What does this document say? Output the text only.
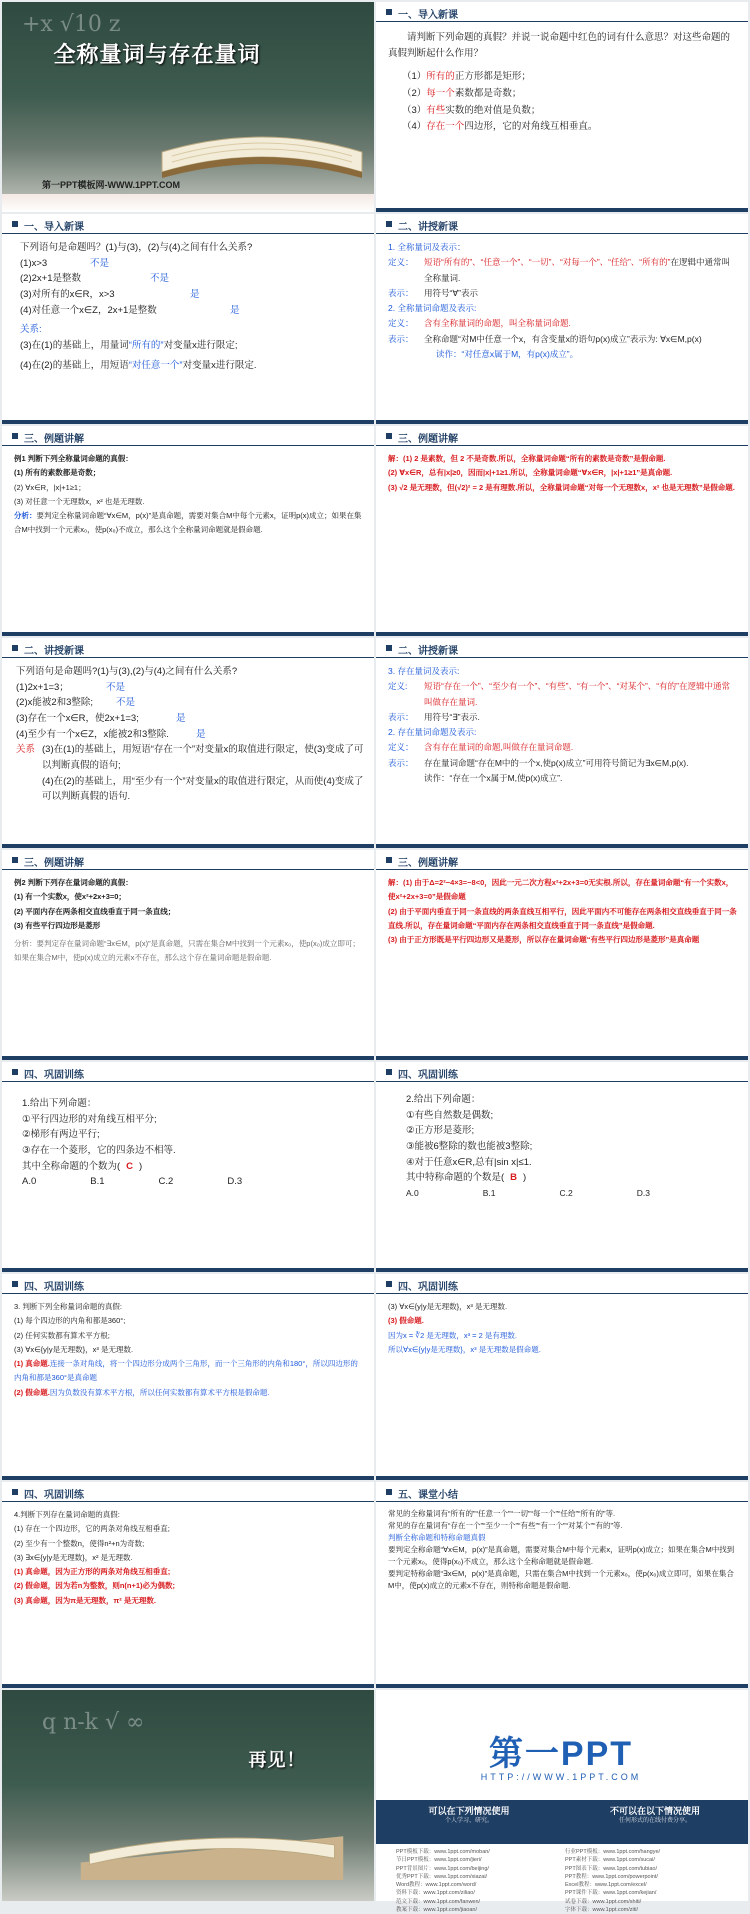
+x √10 z
全称量词与存在量词
第一PPT模板网-WWW.1PPT.COM
一、导入新课
请判断下列命题的真假？并说一说命题中红色的词有什么意思？对这些命题的真假判断起什么作用？
（1）所有的正方形都是矩形；
（2）每一个素数都是奇数；
（3）有些实数的绝对值是负数；
（4）存在一个四边形，它的对角线互相垂直。
一、导入新课
下列语句是命题吗？(1)与(3)，(2)与(4)之间有什么关系?
(1)x>3	不是
(2)2x+1是整数	不是
(3)对所有的x∈R，x>3	是
(4)对任意一个x∈Z，2x+1是整数	是
关系:
(3)在(1)的基础上，用量词“所有的”对变量x进行限定;
(4)在(2)的基础上，用短语“对任意一个”对变量x进行限定.
二、讲授新课
1. 全称量词及表示：
定义：	短语“所有的”、“任意一个”、“一切”、“对每一个”、“任给”、“所有的”在逻辑中通常叫全称量词.
表示：	用符号“∀”表示
2. 全称量词命题及表示:
定义：	含有全称量词的命题，叫全称量词命题.
表示：	全称命题“对M中任意一个x，有含变量x的语句p(x)成立”表示为: ∀x∈M,p(x)
读作：“对任意x属于M，有p(x)成立”。
三、例题讲解
例1 判断下列全称量词命题的真假：
(1) 所有的素数都是奇数；
(2) ∀x∈R，|x|+1≥1；
(3) 对任意一个无理数x，x² 也是无理数.
分析：要判定全称量词命题“∀x∈M，p(x)”是真命题，需要对集合M中每个元素x，证明p(x)成立；如果在集合M中找到一个元素x₀，使p(x₀)不成立，那么这个全称量词命题就是假命题.
三、例题讲解
解：(1) 2 是素数，但 2 不是奇数.所以，全称量词命题“所有的素数是奇数”是假命题.
(2) ∀x∈R，总有|x|≥0，因而|x|+1≥1.所以，全称量词命题“∀x∈R，|x|+1≥1”是真命题.
(3) √2 是无理数，但(√2)² = 2 是有理数.所以，全称量词命题“对每一个无理数x，x² 也是无理数”是假命题.
二、讲授新课
下列语句是命题吗?(1)与(3),(2)与(4)之间有什么关系?
(1)2x+1=3；	不是
(2)x能被2和3整除; 不是
(3)存在一个x∈R，使2x+1=3;	是
(4)至少有一个x∈Z，x能被2和3整除.	是
关系 (3)在(1)的基础上，用短语“存在一个”对变量x的取值进行限定，使(3)变成了可以判断真假的语句;
(4)在(2)的基础上，用“至少有一个”对变量x的取值进行限定，从而使(4)变成了可以判断真假的语句.
二、讲授新课
3. 存在量词及表示:
定义:	短语“存在一个”、“至少有一个”、“有些”、“有一个”、“对某个”、“有的”在逻辑中通常叫做存在量词.
表示：	用符号“∃”表示.
2. 存在量词命题及表示:
定义：	含有存在量词的命题,叫做存在量词命题.
表示：	存在量词命题“存在M中的一个x,使p(x)成立”可用符号简记为∃x∈M,p(x).
读作：“存在一个x属于M,使p(x)成立”.
三、例题讲解
例2 判断下列存在量词命题的真假：
(1) 有一个实数x，使x²+2x+3=0；
(2) 平面内存在两条相交直线垂直于同一条直线；
(3) 有些平行四边形是菱形
分析：要判定存在量词命题“∃x∈M，p(x)”是真命题，只需在集合M中找到一个元素x₀，使p(x₀)成立即可；如果在集合M中，使p(x)成立的元素x不存在，那么这个存在量词命题是假命题.
三、例题讲解
解：(1) 由于Δ=2²−4×3=−8<0，因此一元二次方程x²+2x+3=0无实根.所以，存在量词命题“有一个实数x，使x²+2x+3=0”是假命题
(2) 由于平面内垂直于同一条直线的两条直线互相平行，因此平面内不可能存在两条相交直线垂直于同一条直线.所以，存在量词命题“平面内存在两条相交直线垂直于同一条直线”是假命题.
(3) 由于正方形既是平行四边形又是菱形，所以存在量词命题“有些平行四边形是菱形”是真命题
四、巩固训练
1.给出下列命题：
①平行四边形的对角线互相平分;
②梯形有两边平行;
③存在一个菱形，它的四条边不相等.
其中全称命题的个数为( C )
A.0	B.1	C.2	D.3
四、巩固训练
2.给出下列命题：
①有些自然数是偶数;
②正方形是菱形;
③能被6整除的数也能被3整除;
④对于任意x∈R,总有|sin x|≤1.
其中特称命题的个数是( B )
A.0	B.1	C.2	D.3
四、巩固训练
3. 判断下列全称量词命题的真假:
(1) 每个四边形的内角和都是360°;
(2) 任何实数都有算术平方根;
(3) ∀x∈{y|y是无理数}，x³ 是无理数.
(1) 真命题.连接一条对角线，将一个四边形分成两个三角形，而一个三角形的内角和180°，所以四边形的内角和都是360°是真命题
(2) 假命题.因为负数没有算术平方根，所以任何实数都有算术平方根是假命题.
四、巩固训练
(3) ∀x∈{y|y是无理数}，x³ 是无理数.
(3) 假命题.
因为x = ∛2 是无理数，x³ = 2 是有理数.
所以∀x∈{y|y是无理数}，x³ 是无理数是假命题.
四、巩固训练
4.判断下列存在量词命题的真假:
(1) 存在一个四边形，它的两条对角线互相垂直;
(2) 至少有一个整数n，使得n²+n为奇数;
(3) ∃x∈{y|y是无理数}，x² 是无理数.
(1) 真命题，因为正方形的两条对角线互相垂直;
(2) 假命题，因为若n为整数，则n(n+1)必为偶数;
(3) 真命题，因为π是无理数，π² 是无理数.
五、课堂小结
常见的全称量词有“所有的”“任意一个”“一切”“每一个”“任给”“所有的”等.
常见的存在量词有“存在一个”“至少一个”“有些”“有一个”“对某个”“有的”等.
判断全称命题和特称命题真假
要判定全称命题“∀x∈M，p(x)”是真命题，需要对集合M中每个元素x，证明p(x)成立；如果在集合M中找到一个元素x₀，使得p(x₀)不成立，那么这个全称命题就是假命题.
要判定特称命题“∃x∈M，p(x)”是真命题，只需在集合M中找到一个元素x₀，使p(x₀)成立即可，如果在集合M中，使p(x)成立的元素x不存在，则特称命题是假命题.
q n-k √ ∞
再见！	第一PPT
HTTP://WWW.1PPT.COM
可以在下列情况使用
个人学习、研究。
不可以在以下情况使用
任何形式的在线付费分享。
PPT模板下载：www.1ppt.com/moban/
节日PPT模板：www.1ppt.com/jieri/
PPT背景图片：www.1ppt.com/beijing/
优秀PPT下载：www.1ppt.com/xiazai/
Word教程：www.1ppt.com/word/
资料下载：www.1ppt.com/ziliao/
范文下载：www.1ppt.com/fanwen/
教案下载：www.1ppt.com/jiaoan/
行业PPT模板：www.1ppt.com/hangye/
PPT素材下载：www.1ppt.com/sucai/
PPT图表下载：www.1ppt.com/tubiao/
PPT教程：www.1ppt.com/powerpoint/
Excel教程：www.1ppt.com/excel/
PPT课件下载：www.1ppt.com/kejian/
试卷下载：www.1ppt.com/shiti/
字体下载：www.1ppt.com/ziti/
